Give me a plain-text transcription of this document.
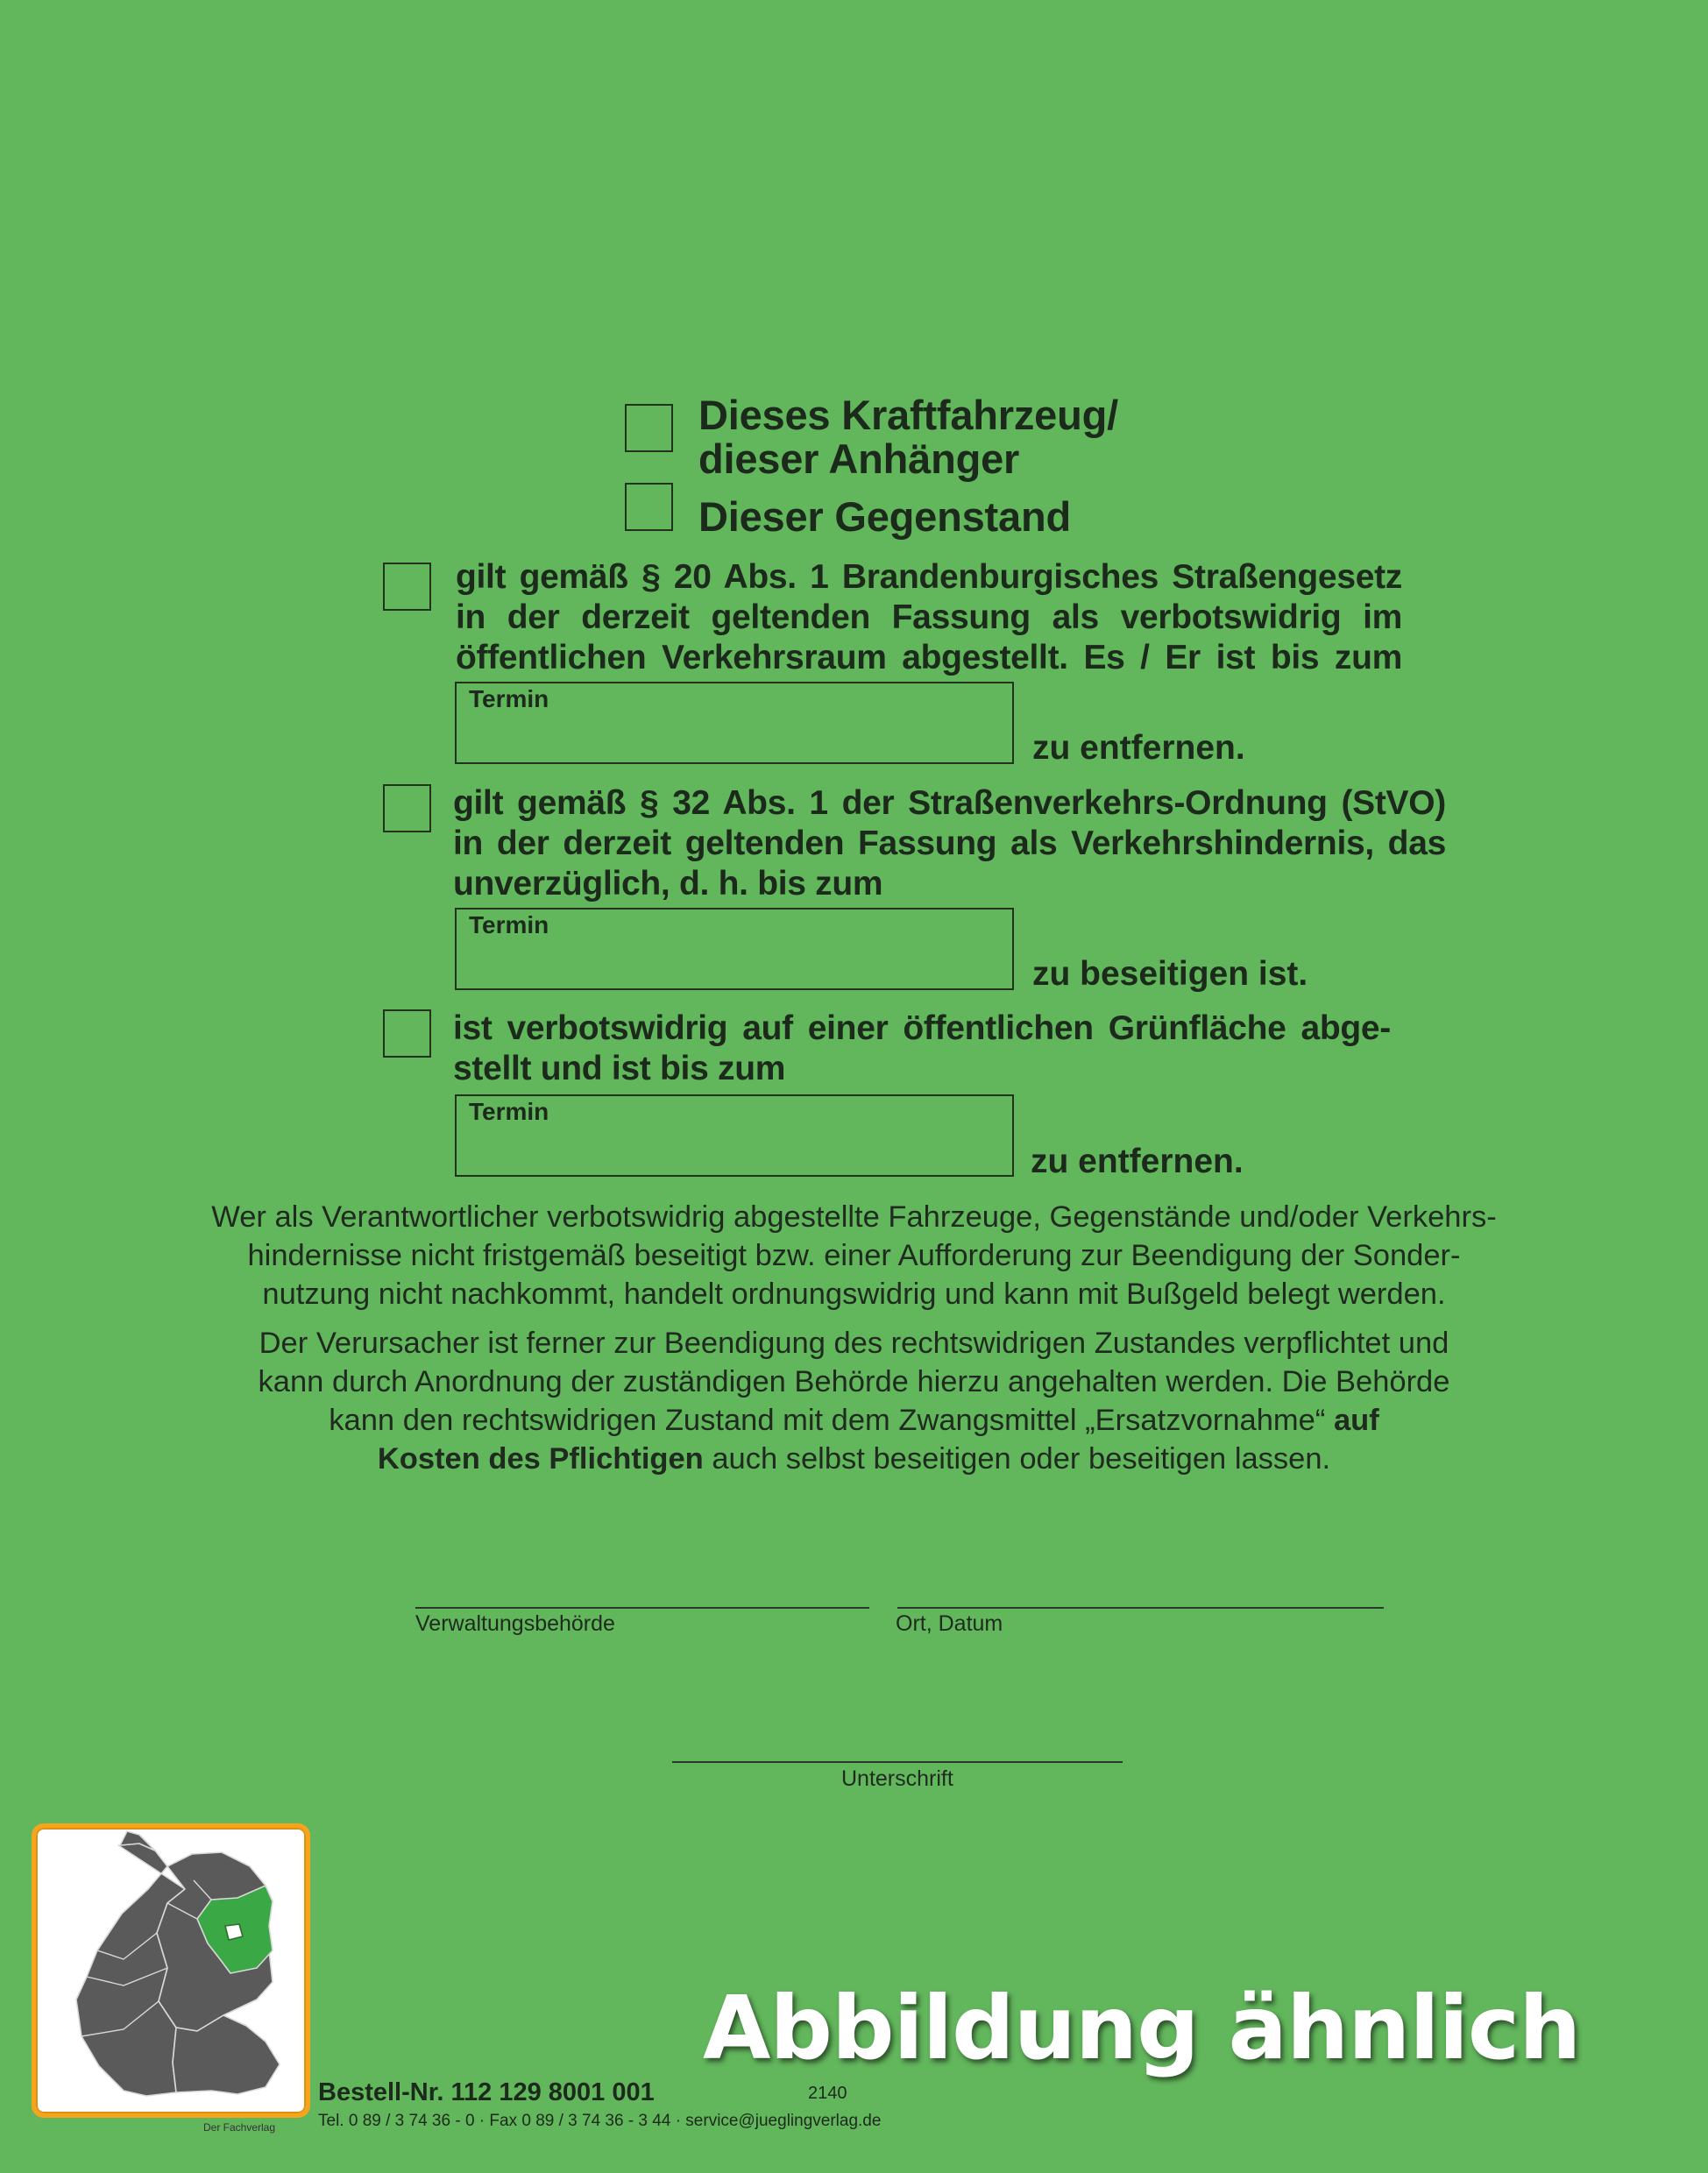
Dieses Kraftfahrzeug/
dieser Anhänger
Dieser Gegenstand
gilt gemäß § 20 Abs. 1 Brandenburgisches Straßengesetz
in der derzeit geltenden Fassung als verbotswidrig im
öffentlichen Verkehrsraum abgestellt. Es / Er ist bis zum
Termin
zu entfernen.
gilt gemäß § 32 Abs. 1 der Straßenverkehrs-Ordnung (StVO)
in der derzeit geltenden Fassung als Verkehrshindernis, das
unverzüglich, d. h. bis zum
Termin
zu beseitigen ist.
ist verbotswidrig auf einer öffentlichen Grünfläche abge-
stellt und ist bis zum
Termin
zu entfernen.
Wer als Verantwortlicher verbotswidrig abgestellte Fahrzeuge, Gegenstände und/oder Verkehrs-
hindernisse nicht fristgemäß beseitigt bzw. einer Aufforderung zur Beendigung der Sonder-
nutzung nicht nachkommt, handelt ordnungswidrig und kann mit Bußgeld belegt werden.
Der Verursacher ist ferner zur Beendigung des rechtswidrigen Zustandes verpflichtet und
kann durch Anordnung der zuständigen Behörde hierzu angehalten werden. Die Behörde
kann den rechtswidrigen Zustand mit dem Zwangsmittel „Ersatzvornahme“ auf
Kosten des Pflichtigen auch selbst beseitigen oder beseitigen lassen.
Verwaltungsbehörde	Ort, Datum
Unterschrift
Abbildung ähnlich
Bestell-Nr. 112 129 8001 001	2140
Tel. 0 89 / 3 74 36 - 0 · Fax 0 89 / 3 74 36 - 3 44 · service@jueglingverlag.de
Der Fachverlag
